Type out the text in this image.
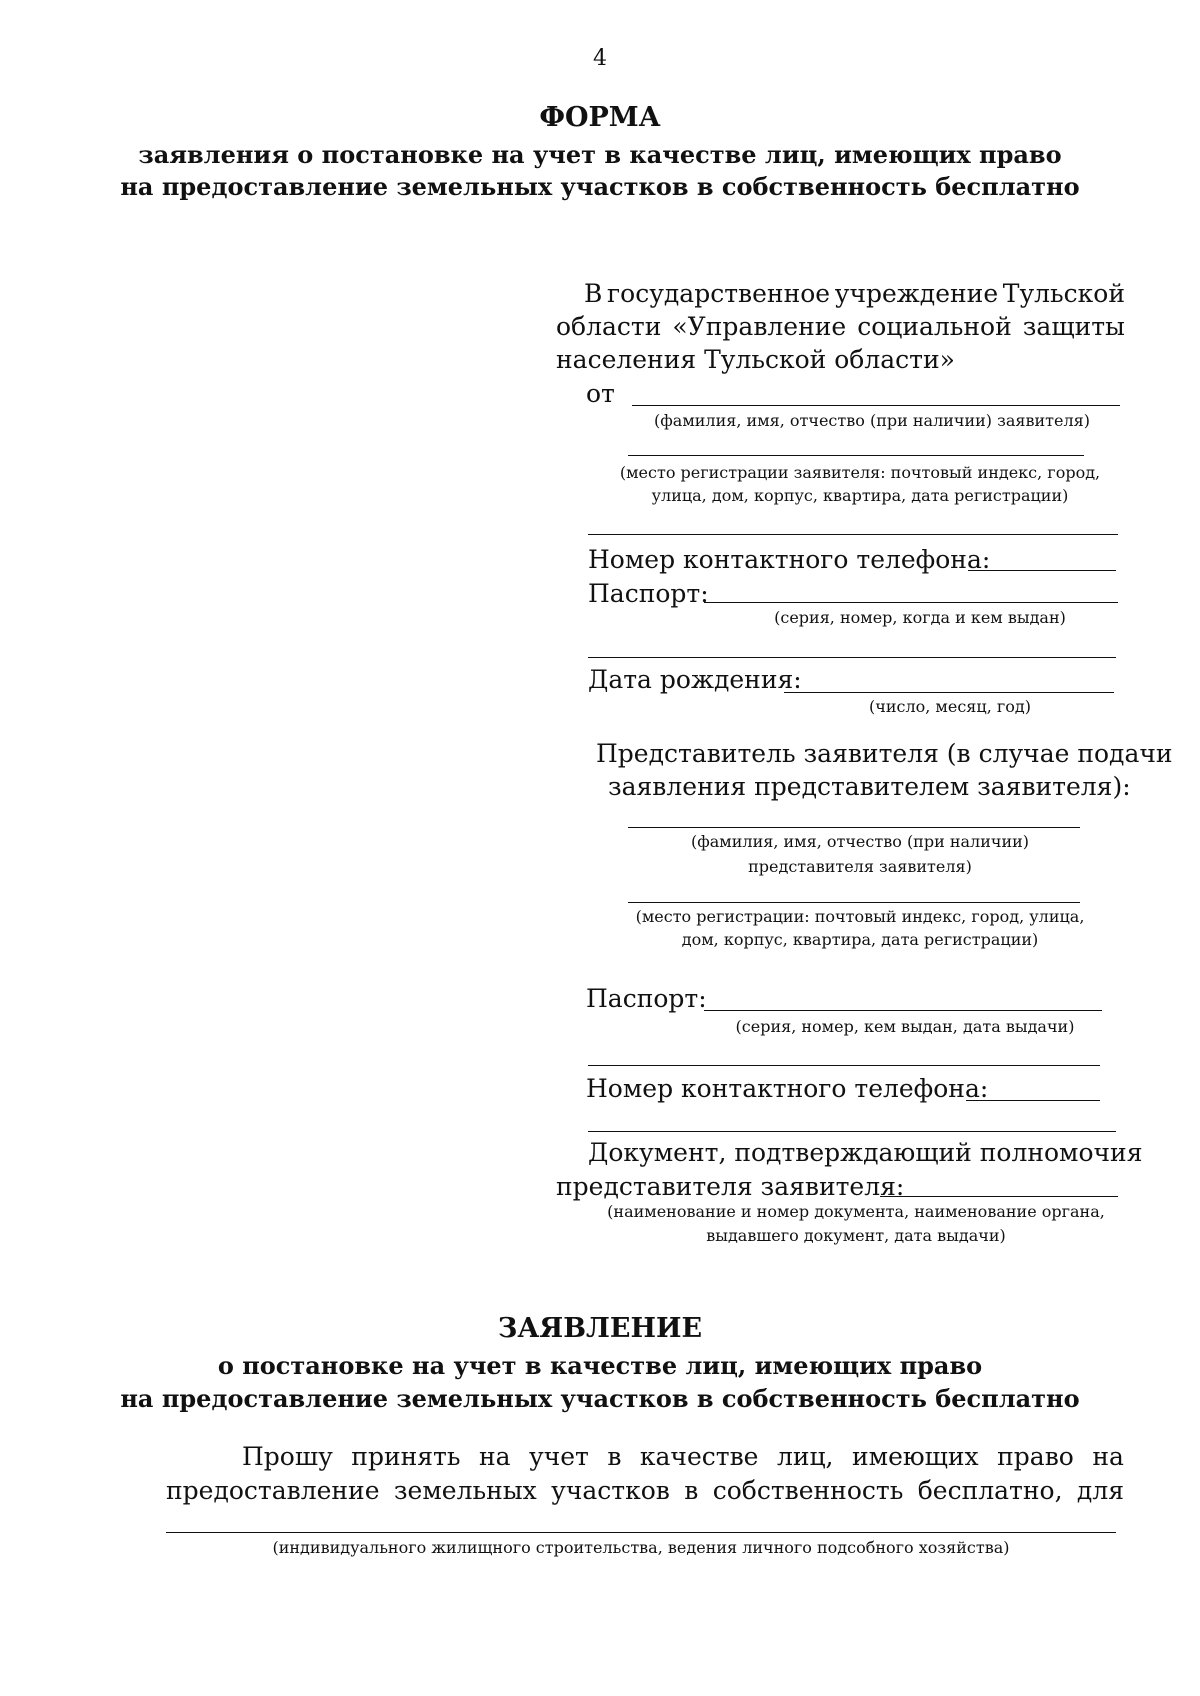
4
ФОРМА
заявления о постановке на учет в качестве лиц, имеющих право
на предоставление земельных участков в собственность бесплатно
В государственное учреждение Тульской
области «Управление социальной защиты
населения Тульской области»
от
(фамилия, имя, отчество (при наличии) заявителя)
(место регистрации заявителя: почтовый индекс, город,
улица, дом, корпус, квартира, дата регистрации)
Номер контактного телефона:
Паспорт:
(серия, номер, когда и кем выдан)
Дата рождения:
(число, месяц, год)
Представитель заявителя (в случае подачи
заявления представителем заявителя):
(фамилия, имя, отчество (при наличии)
представителя заявителя)
(место регистрации: почтовый индекс, город, улица,
дом, корпус, квартира, дата регистрации)
Паспорт:
(серия, номер, кем выдан, дата выдачи)
Номер контактного телефона:
Документ, подтверждающий полномочия
представителя заявителя:
(наименование и номер документа, наименование органа,
выдавшего документ, дата выдачи)
ЗАЯВЛЕНИЕ
о постановке на учет в качестве лиц, имеющих право
на предоставление земельных участков в собственность бесплатно
Прошу принять на учет в качестве лиц, имеющих право на
предоставление земельных участков в собственность бесплатно, для
(индивидуального жилищного строительства, ведения личного подсобного хозяйства)
